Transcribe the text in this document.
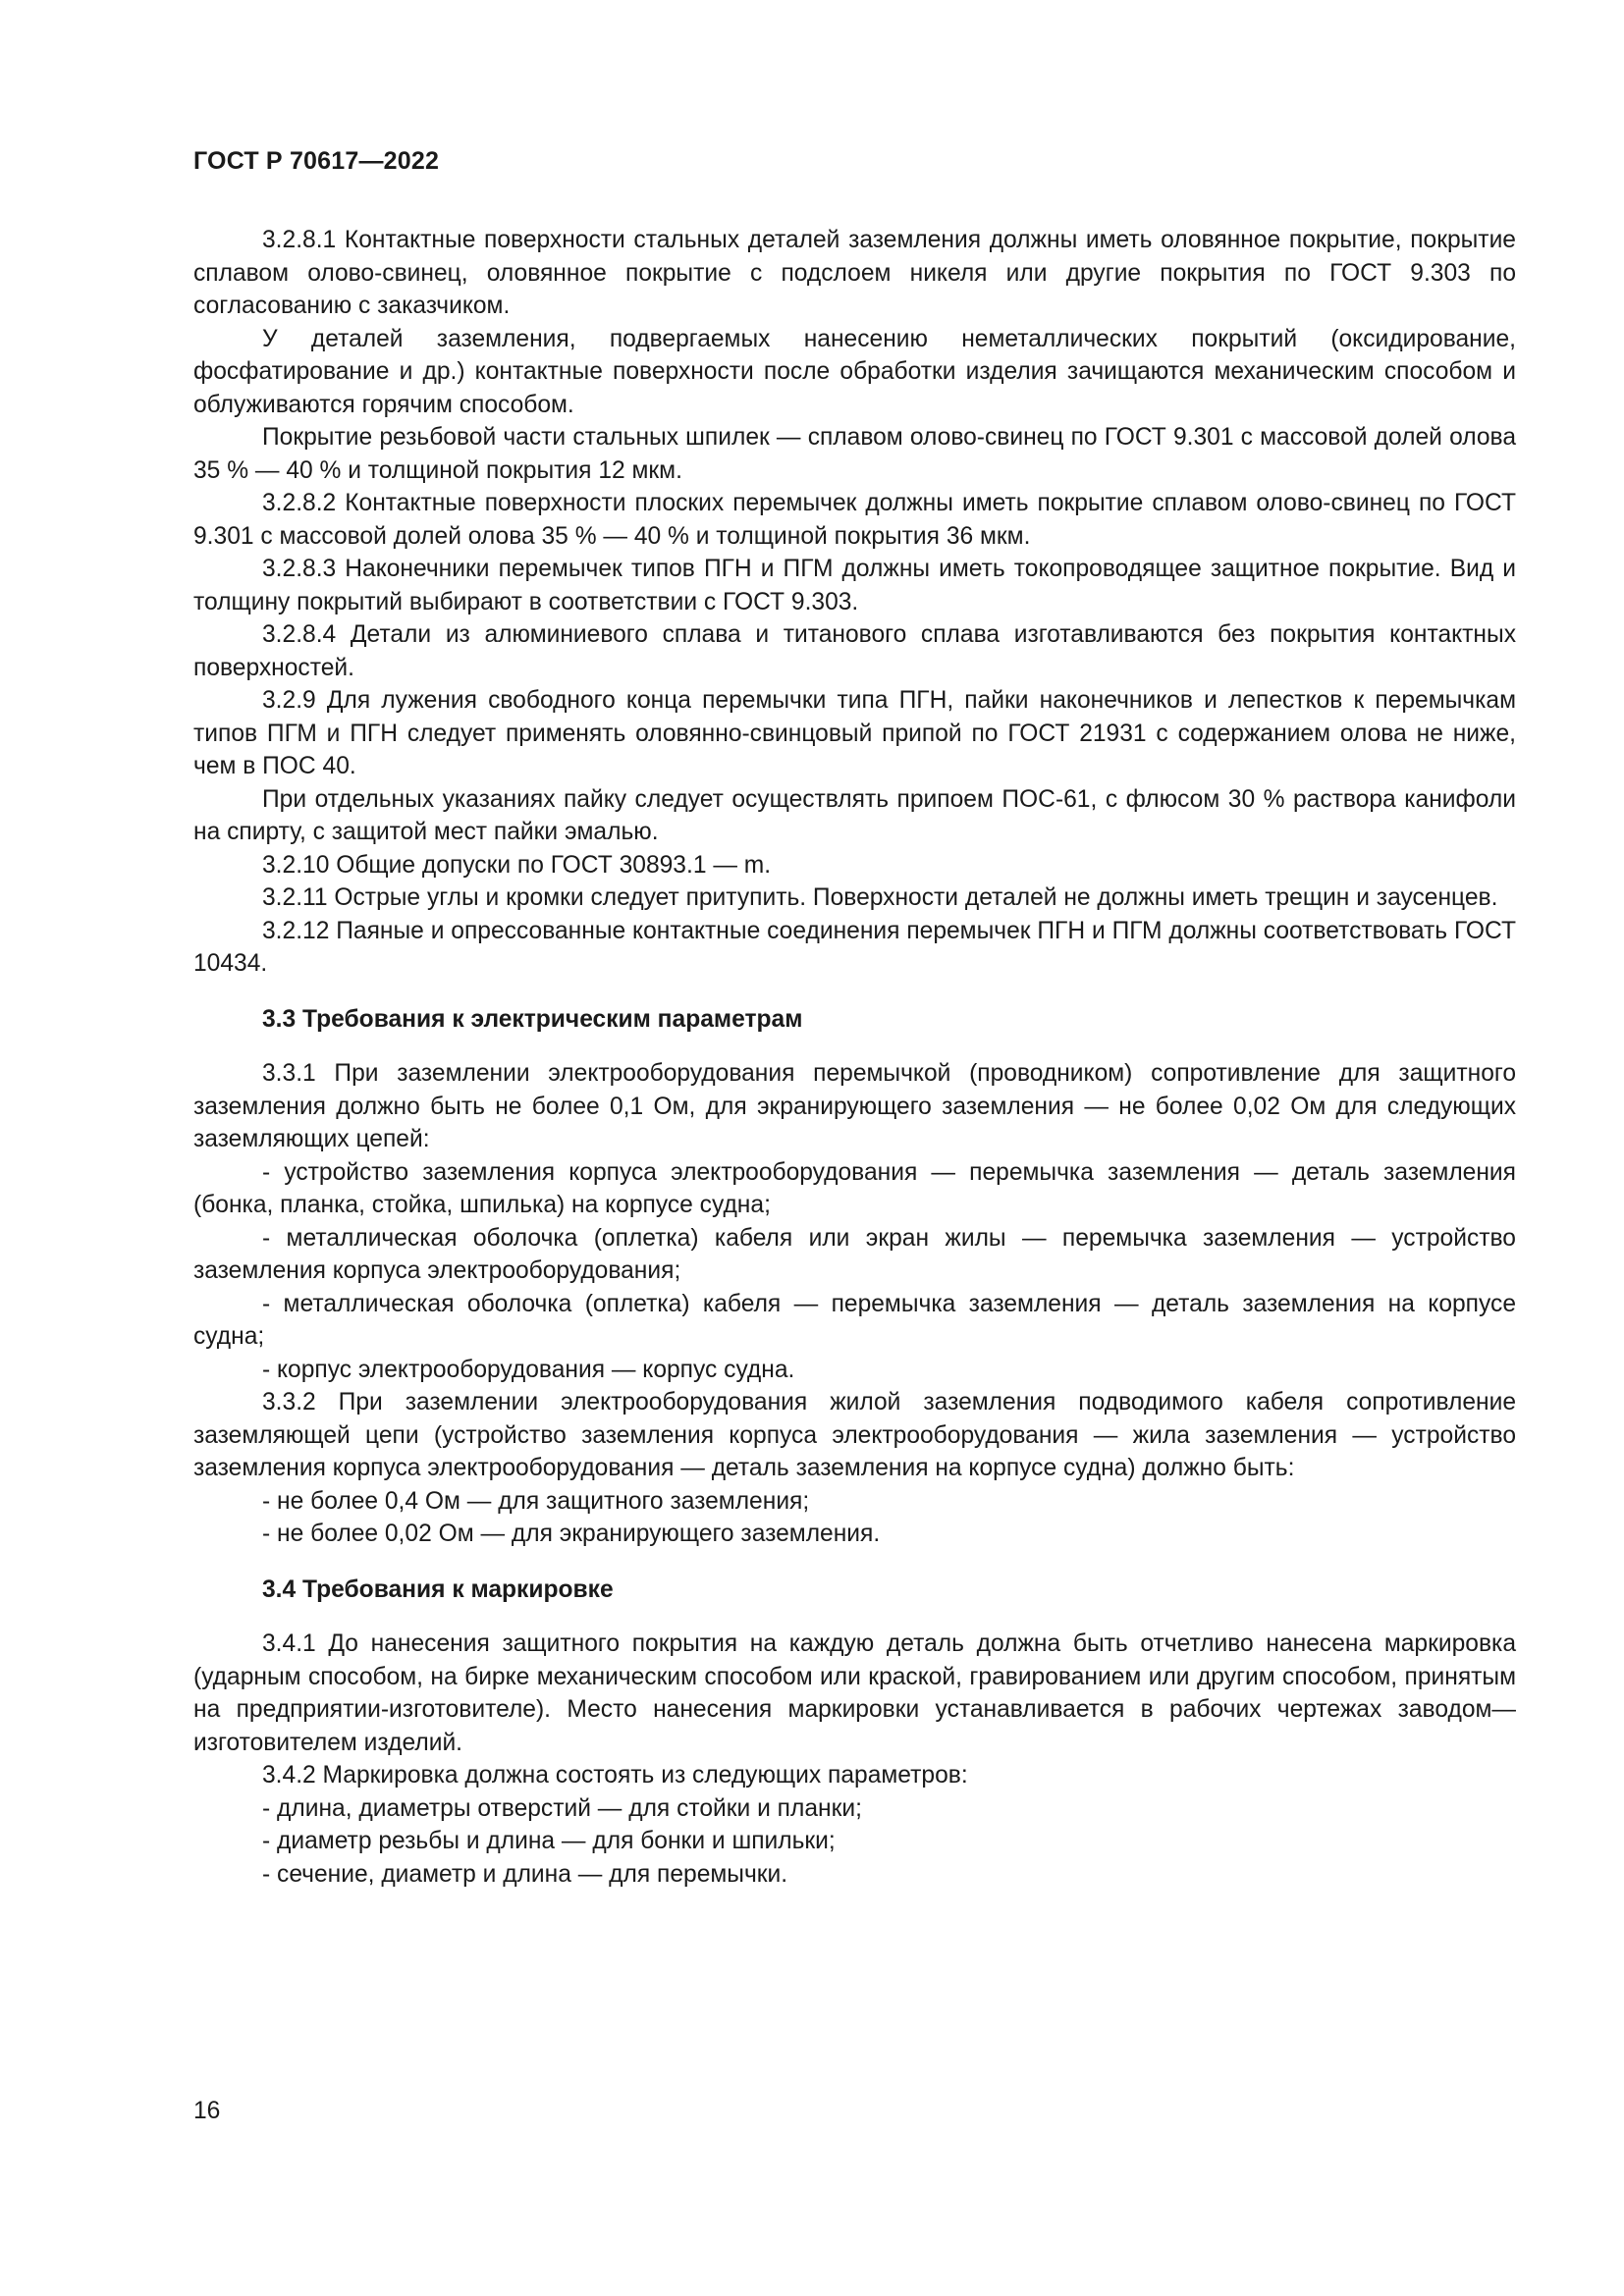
ГОСТ Р 70617—2022

3.2.8.1 Контактные поверхности стальных деталей заземления должны иметь оловянное покрытие, покрытие сплавом олово-свинец, оловянное покрытие с подслоем никеля или другие покрытия по ГОСТ 9.303 по согласованию с заказчиком.

У деталей заземления, подвергаемых нанесению неметаллических покрытий (оксидирование, фосфатирование и др.) контактные поверхности после обработки изделия зачищаются механическим способом и облуживаются горячим способом.

Покрытие резьбовой части стальных шпилек — сплавом олово-свинец по ГОСТ 9.301 с массовой долей олова 35 % — 40 % и толщиной покрытия 12 мкм.

3.2.8.2 Контактные поверхности плоских перемычек должны иметь покрытие сплавом олово-свинец по ГОСТ 9.301 с массовой долей олова 35 % — 40 % и толщиной покрытия 36 мкм.

3.2.8.3 Наконечники перемычек типов ПГН и ПГМ должны иметь токопроводящее защитное покрытие. Вид и толщину покрытий выбирают в соответствии с ГОСТ 9.303.

3.2.8.4 Детали из алюминиевого сплава и титанового сплава изготавливаются без покрытия контактных поверхностей.

3.2.9 Для лужения свободного конца перемычки типа ПГН, пайки наконечников и лепестков к перемычкам типов ПГМ и ПГН следует применять оловянно-свинцовый припой по ГОСТ 21931 с содержанием олова не ниже, чем в ПОС 40.

При отдельных указаниях пайку следует осуществлять припоем ПОС-61, с флюсом 30 % раствора канифоли на спирту, с защитой мест пайки эмалью.

3.2.10 Общие допуски по ГОСТ 30893.1 — m.

3.2.11 Острые углы и кромки следует притупить. Поверхности деталей не должны иметь трещин и заусенцев.

3.2.12 Паяные и опрессованные контактные соединения перемычек ПГН и ПГМ должны соответствовать ГОСТ 10434.

3.3 Требования к электрическим параметрам

3.3.1 При заземлении электрооборудования перемычкой (проводником) сопротивление для защитного заземления должно быть не более 0,1 Ом, для экранирующего заземления — не более 0,02 Ом для следующих заземляющих цепей:

- устройство заземления корпуса электрооборудования — перемычка заземления — деталь заземления (бонка, планка, стойка, шпилька) на корпусе судна;

- металлическая оболочка (оплетка) кабеля или экран жилы — перемычка заземления — устройство заземления корпуса электрооборудования;

- металлическая оболочка (оплетка) кабеля — перемычка заземления — деталь заземления на корпусе судна;

- корпус электрооборудования — корпус судна.

3.3.2 При заземлении электрооборудования жилой заземления подводимого кабеля сопротивление заземляющей цепи (устройство заземления корпуса электрооборудования — жила заземления — устройство заземления корпуса электрооборудования — деталь заземления на корпусе судна) должно быть:

- не более 0,4 Ом — для защитного заземления;

- не более 0,02 Ом — для экранирующего заземления.

3.4 Требования к маркировке

3.4.1 До нанесения защитного покрытия на каждую деталь должна быть отчетливо нанесена маркировка (ударным способом, на бирке механическим способом или краской, гравированием или другим способом, принятым на предприятии-изготовителе). Место нанесения маркировки устанавливается в рабочих чертежах заводом—изготовителем изделий.

3.4.2 Маркировка должна состоять из следующих параметров:

- длина, диаметры отверстий — для стойки и планки;

- диаметр резьбы и длина — для бонки и шпильки;

- сечение, диаметр и длина — для перемычки.

16
